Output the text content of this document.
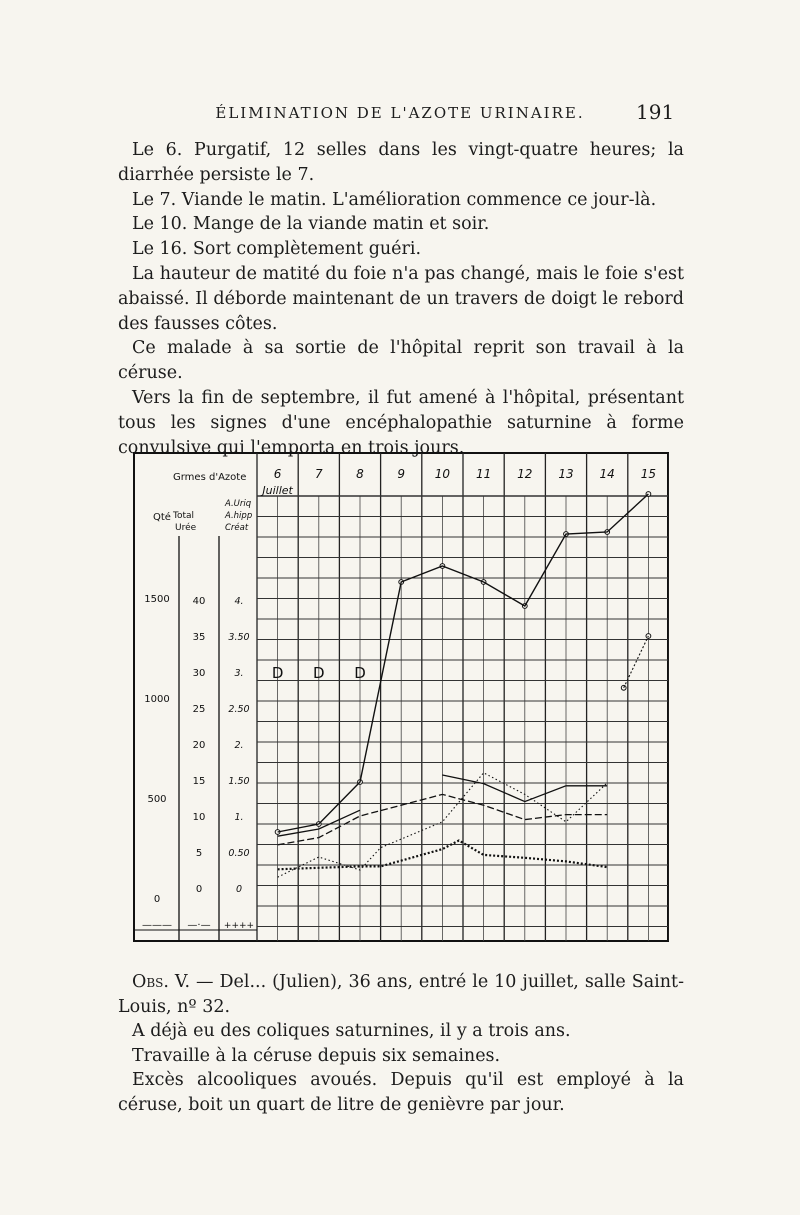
ÉLIMINATION DE L'AZOTE URINAIRE.	191

Le 6. Purgatif, 12 selles dans les vingt-quatre heures; la diarrhée persiste le 7.

Le 7. Viande le matin. L'amélioration commence ce jour-là.

Le 10. Mange de la viande matin et soir.

Le 16. Sort complètement guéri.

La hauteur de matité du foie n'a pas changé, mais le foie s'est abaissé. Il déborde maintenant de un travers de doigt le rebord des fausses côtes.

Ce malade à sa sortie de l'hôpital reprit son travail à la céruse.

Vers la fin de septembre, il fut amené à l'hôpital, présentant tous les signes d'une encéphalopathie saturnine à forme convulsive qui l'emporta en trois jours.

6	7	8	9 10 11 12 13 14 15
Juillet
Grmes d'Azote
Qté Total
Urée
A.Uriq
A.hipp
Créat
1500
1000
500
0
40
35
30
25
20
15
10
5
0
4.
3.50
3.
2.50
2.
1.50
1.
0.50
0
——— —·— ++++
D D D

Obs. V. — Del... (Julien), 36 ans, entré le 10 juillet, salle Saint-Louis, nº 32.

A déjà eu des coliques saturnines, il y a trois ans.

Travaille à la céruse depuis six semaines.

Excès alcooliques avoués. Depuis qu'il est employé à la céruse, boit un quart de litre de genièvre par jour.
